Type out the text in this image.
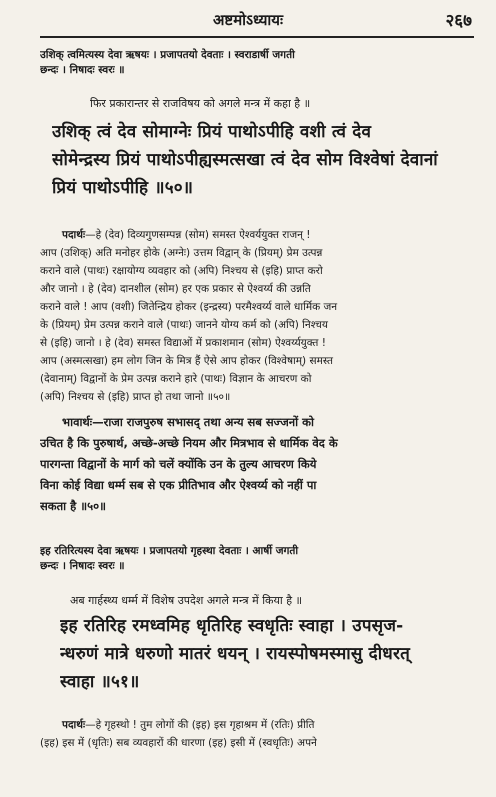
अष्टमोऽध्यायः	२६७
उशिक् त्वमित्यस्य देवा ऋषयः । प्रजापतयो देवताः । स्वराडार्षी जगती
छन्दः । निषादः स्वरः ॥
फिर प्रकारान्तर से राजविषय को अगले मन्त्र में कहा है ॥
उशिक् त्वं देव सोमाग्नेः प्रियं पाथोऽपीहि वशी त्वं देव
सोमेन्द्रस्य प्रियं पाथोऽपीह्यस्मत्सखा त्वं देव सोम विश्वेषां देवानां
प्रियं पाथोऽपीहि ॥५०॥
पदार्थः—हे (देव) दिव्यगुणसम्पन्न (सोम) समस्त ऐश्वर्ययुक्त राजन् !
आप (उशिक्) अति मनोहर होके (अग्नेः) उत्तम विद्वान् के (प्रियम्) प्रेम उत्पन्न
कराने वाले (पाथः) रक्षायोग्य व्यवहार को (अपि) निश्चय से (इहि) प्राप्त करो
और जानो । हे (देव) दानशील (सोम) हर एक प्रकार से ऐश्वर्य्य की उन्नति
कराने वाले ! आप (वशी) जितेन्द्रिय होकर (इन्द्रस्य) परमैश्वर्य्य वाले धार्मिक जन
के (प्रियम्) प्रेम उत्पन्न कराने वाले (पाथः) जानने योग्य कर्म को (अपि) निश्चय
से (इहि) जानो । हे (देव) समस्त विद्याओं में प्रकाशमान (सोम) ऐश्वर्य्ययुक्त !
आप (अस्मत्सखा) हम लोग जिन के मित्र हैं ऐसे आप होकर (विश्वेषाम्) समस्त
(देवानाम्) विद्वानों के प्रेम उत्पन्न कराने हारे (पाथः) विज्ञान के आचरण को
(अपि) निश्चय से (इहि) प्राप्त हो तथा जानो ॥५०॥
भावार्थः—राजा राजपुरुष सभासद् तथा अन्य सब सज्जनों को
उचित है कि पुरुषार्थ, अच्छे-अच्छे नियम और मित्रभाव से धार्मिक वेद के
पारगन्ता विद्वानों के मार्ग को चलें क्योंकि उन के तुल्य आचरण किये
विना कोई विद्या धर्म्म सब से एक प्रीतिभाव और ऐश्वर्य्य को नहीं पा
सकता है ॥५०॥
इह रतिरित्यस्य देवा ऋषयः । प्रजापतयो गृहस्था देवताः । आर्षी जगती
छन्दः । निषादः स्वरः ॥
अब गार्हस्थ्य धर्म्म में विशेष उपदेश अगले मन्त्र में किया है ॥
इह रतिरिह रमध्वमिह धृतिरिह स्वधृतिः स्वाहा । उपसृज-
न्धरुणं मात्रे धरुणो मातरं धयन् । रायस्पोषमस्मासु दीधरत्
स्वाहा ॥५१॥
पदार्थः—हे गृहस्थो ! तुम लोगों की (इह) इस गृहाश्रम में (रतिः) प्रीति
(इह) इस में (धृतिः) सब व्यवहारों की धारणा (इह) इसी में (स्वधृतिः) अपने
